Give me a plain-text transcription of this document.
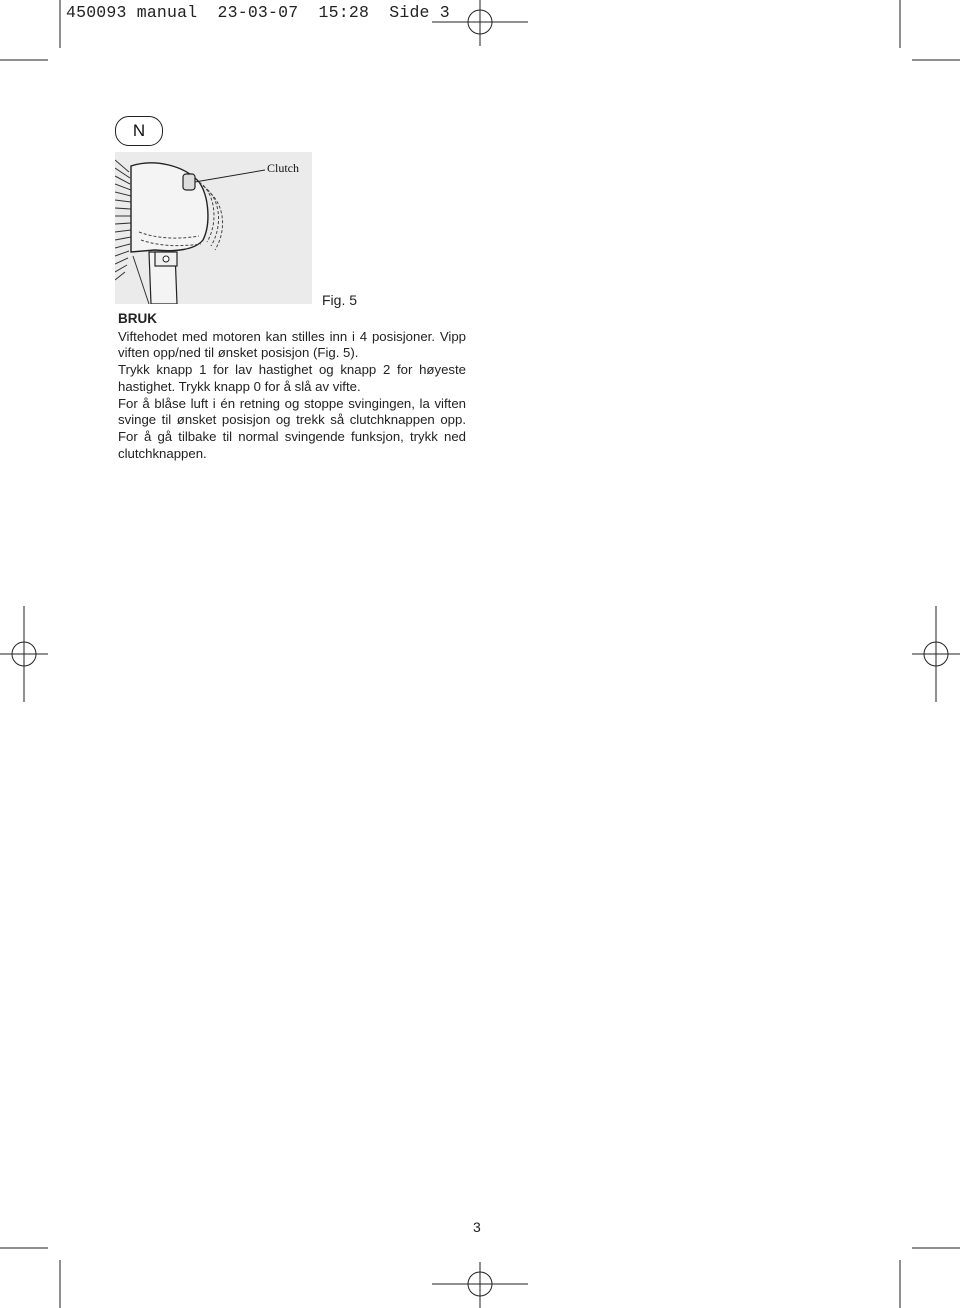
450093 manual  23-03-07  15:28  Side 3
N
Clutch
Fig. 5
BRUK

Viftehodet med motoren kan stilles inn i 4 posisjoner. Vipp viften opp/ned til ønsket posisjon (Fig. 5).

Trykk knapp 1 for lav hastighet og knapp 2 for høyeste hastighet. Trykk knapp 0 for å slå av vifte.

For å blåse luft i én retning og stoppe svingingen, la viften svinge til ønsket posisjon og trekk så clutchknappen opp. For å gå tilbake til normal svingende funksjon, trykk ned clutchknappen.

3
